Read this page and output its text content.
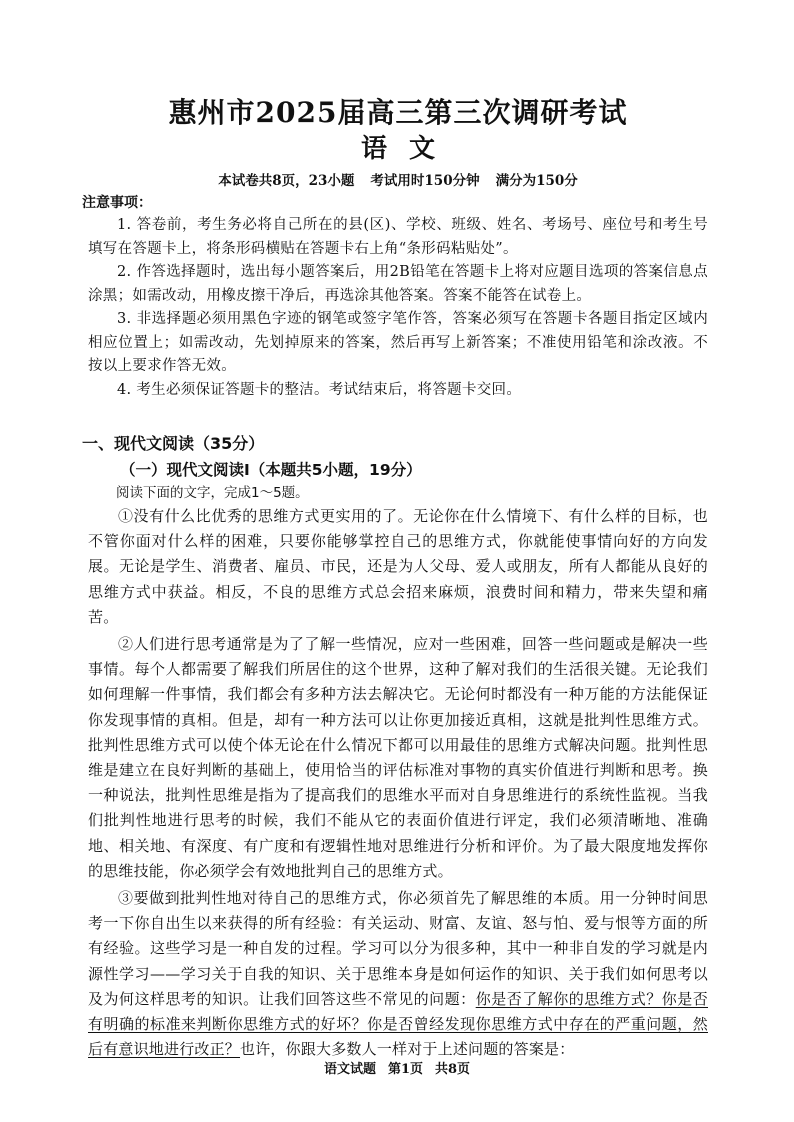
惠州市2025届高三第三次调研考试
语文
本试卷共8页，23小题 考试用时150分钟 满分为150分
注意事项：

1. 答卷前，考生务必将自己所在的县(区)、学校、班级、姓名、考场号、座位号和考生号填写在答题卡上，将条形码横贴在答题卡右上角“条形码粘贴处”。

2. 作答选择题时，选出每小题答案后，用2B铅笔在答题卡上将对应题目选项的答案信息点涂黑；如需改动，用橡皮擦干净后，再选涂其他答案。答案不能答在试卷上。

3. 非选择题必须用黑色字迹的钢笔或签字笔作答，答案必须写在答题卡各题目指定区域内相应位置上；如需改动，先划掉原来的答案，然后再写上新答案；不准使用铅笔和涂改液。不按以上要求作答无效。

4. 考生必须保证答题卡的整洁。考试结束后，将答题卡交回。

一、现代文阅读（35分）
（一）现代文阅读Ⅰ（本题共5小题，19分）
阅读下面的文字，完成1～5题。

①没有什么比优秀的思维方式更实用的了。无论你在什么情境下、有什么样的目标，也不管你面对什么样的困难，只要你能够掌控自己的思维方式，你就能使事情向好的方向发展。无论是学生、消费者、雇员、市民，还是为人父母、爱人或朋友，所有人都能从良好的思维方式中获益。相反，不良的思维方式总会招来麻烦，浪费时间和精力，带来失望和痛苦。

②人们进行思考通常是为了了解一些情况，应对一些困难，回答一些问题或是解决一些事情。每个人都需要了解我们所居住的这个世界，这种了解对我们的生活很关键。无论我们如何理解一件事情，我们都会有多种方法去解决它。无论何时都没有一种万能的方法能保证你发现事情的真相。但是，却有一种方法可以让你更加接近真相，这就是批判性思维方式。批判性思维方式可以使个体无论在什么情况下都可以用最佳的思维方式解决问题。批判性思维是建立在良好判断的基础上，使用恰当的评估标准对事物的真实价值进行判断和思考。换一种说法，批判性思维是指为了提高我们的思维水平而对自身思维进行的系统性监视。当我们批判性地进行思考的时候，我们不能从它的表面价值进行评定，我们必须清晰地、准确地、相关地、有深度、有广度和有逻辑性地对思维进行分析和评价。为了最大限度地发挥你的思维技能，你必须学会有效地批判自己的思维方式。

③要做到批判性地对待自己的思维方式，你必须首先了解思维的本质。用一分钟时间思考一下你自出生以来获得的所有经验：有关运动、财富、友谊、怒与怕、爱与恨等方面的所有经验。这些学习是一种自发的过程。学习可以分为很多种，其中一种非自发的学习就是内源性学习——学习关于自我的知识、关于思维本身是如何运作的知识、关于我们如何思考以及为何这样思考的知识。让我们回答这些不常见的问题：你是否了解你的思维方式？你是否有明确的标准来判断你思维方式的好坏？你是否曾经发现你思维方式中存在的严重问题，然后有意识地进行改正？也许，你跟大多数人一样对于上述问题的答案是：

语文试题 第1页 共8页
